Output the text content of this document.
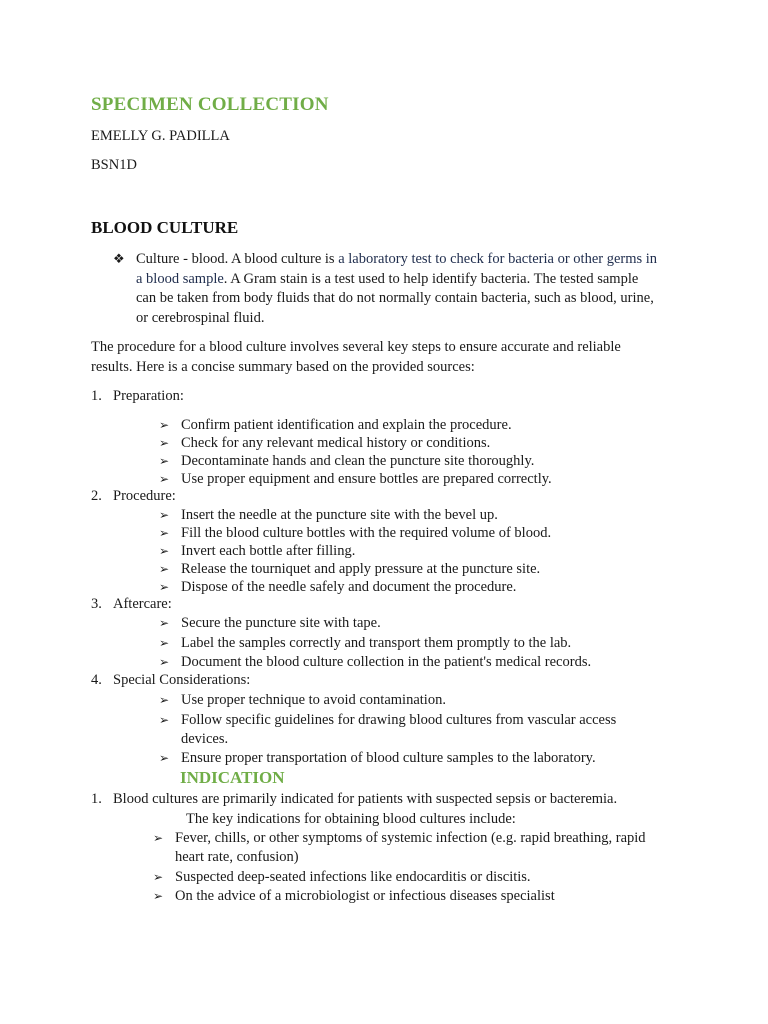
SPECIMEN COLLECTION
EMELLY G. PADILLA
BSN1D
BLOOD CULTURE
❖ Culture - blood. A blood culture is a laboratory test to check for bacteria or other germs in
a blood sample. A Gram stain is a test used to help identify bacteria. The tested sample
can be taken from body fluids that do not normally contain bacteria, such as blood, urine,
or cerebrospinal fluid.
The procedure for a blood culture involves several key steps to ensure accurate and reliable
results. Here is a concise summary based on the provided sources:
1. Preparation:
➢ Confirm patient identification and explain the procedure.
➢ Check for any relevant medical history or conditions.
➢ Decontaminate hands and clean the puncture site thoroughly.
➢ Use proper equipment and ensure bottles are prepared correctly.
2. Procedure:
➢ Insert the needle at the puncture site with the bevel up.
➢ Fill the blood culture bottles with the required volume of blood.
➢ Invert each bottle after filling.
➢ Release the tourniquet and apply pressure at the puncture site.
➢ Dispose of the needle safely and document the procedure.
3. Aftercare:
➢ Secure the puncture site with tape.
➢ Label the samples correctly and transport them promptly to the lab.
➢ Document the blood culture collection in the patient's medical records.
4. Special Considerations:
➢ Use proper technique to avoid contamination.
➢ Follow specific guidelines for drawing blood cultures from vascular access
devices.
➢ Ensure proper transportation of blood culture samples to the laboratory.
INDICATION
1. Blood cultures are primarily indicated for patients with suspected sepsis or bacteremia.
The key indications for obtaining blood cultures include:
➢ Fever, chills, or other symptoms of systemic infection (e.g. rapid breathing, rapid
heart rate, confusion)
➢ Suspected deep-seated infections like endocarditis or discitis.
➢ On the advice of a microbiologist or infectious diseases specialist
